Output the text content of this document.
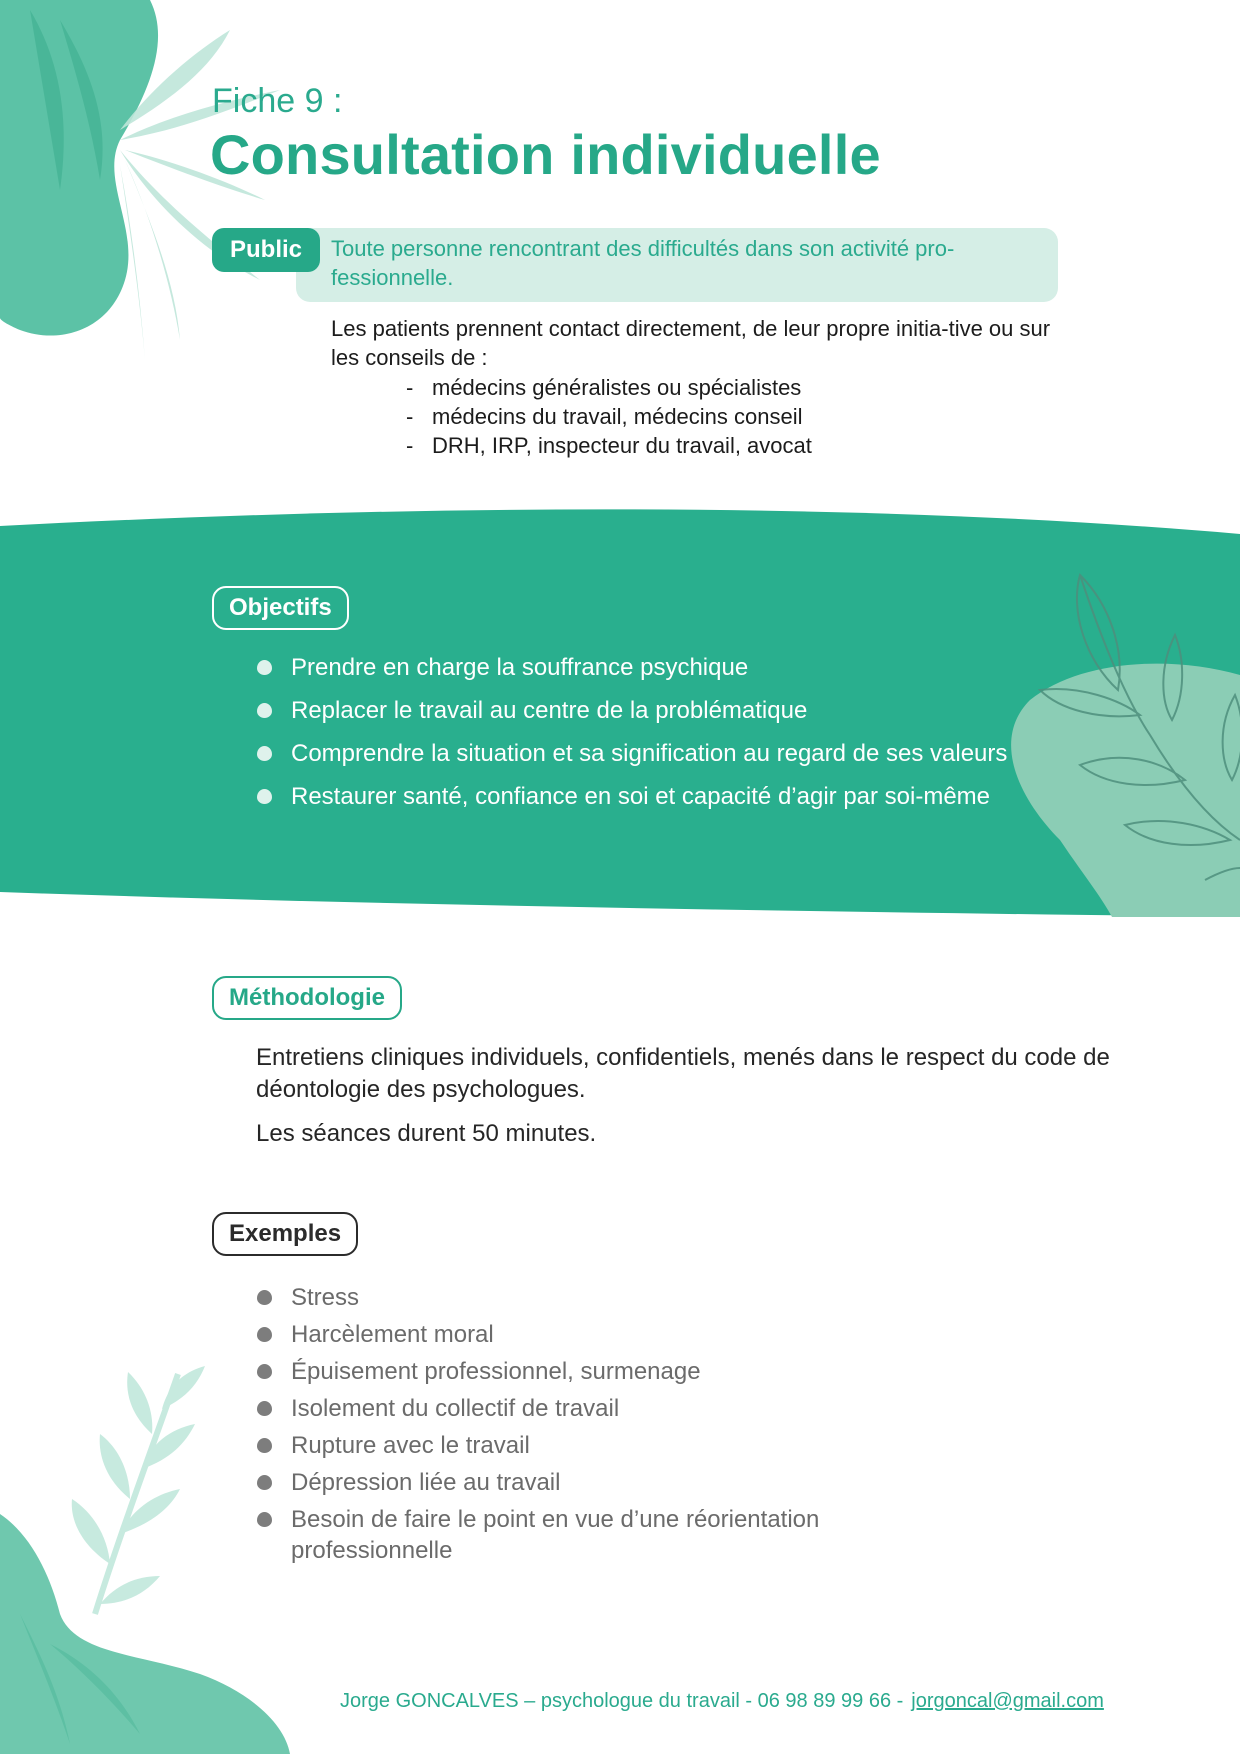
Fiche 9 :
Consultation individuelle
Public	Toute personne rencontrant des difficultés dans son activité pro-fessionnelle.
Les patients prennent contact directement, de leur propre initia-tive ou sur les conseils de :
- médecins généralistes ou spécialistes
- médecins du travail, médecins conseil
- DRH, IRP, inspecteur du travail, avocat
Objectifs
Prendre en charge la souffrance psychique
Replacer le travail au centre de la problématique
Comprendre la situation et sa signification au regard de ses valeurs
Restaurer santé, confiance en soi et capacité d’agir par soi-même
Méthodologie

Entretiens cliniques individuels, confidentiels, menés dans le respect du code de déontologie des psychologues.

Les séances durent 50 minutes.

Exemples
Stress
Harcèlement moral
Épuisement professionnel, surmenage
Isolement du collectif de travail
Rupture avec le travail
Dépression liée au travail
Besoin de faire le point en vue d’une réorientation professionnelle
Jorge GONCALVES – psychologue du travail - 06 98 89 99 66 - jorgoncal@gmail.com
